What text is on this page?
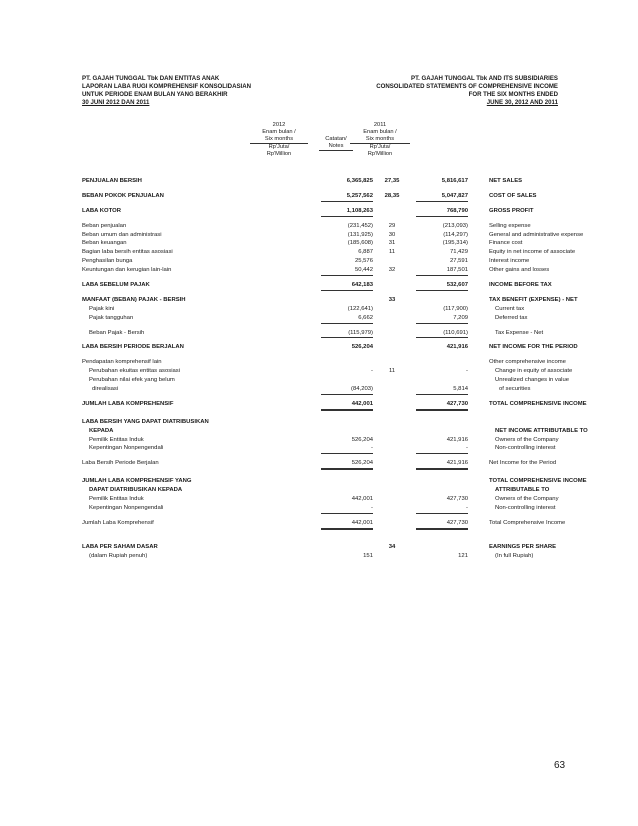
PT. GAJAH TUNGGAL Tbk DAN ENTITAS ANAK
LAPORAN LABA RUGI KOMPREHENSIF KONSOLIDASIAN
UNTUK PERIODE ENAM BULAN YANG BERAKHIR
30 JUNI 2012 DAN 2011
PT. GAJAH TUNGGAL Tbk AND ITS SUBSIDIARIES
CONSOLIDATED STATEMENTS OF COMPREHENSIVE INCOME
FOR THE SIX MONTHS ENDED
JUNE 30, 2012 AND 2011
2012
Enam bulan /
Six months
Rp'Juta/
Rp'Million
Catatan/
Notes
2011
Enam bulan /
Six months
Rp'Juta/
Rp'Million
PENJUALAN BERSIH	6,365,825	27,35	5,816,617	NET SALES
BEBAN POKOK PENJUALAN	5,257,562	28,35	5,047,827	COST OF SALES
LABA KOTOR	1,108,263	768,790	GROSS PROFIT
Beban penjualan	(231,452)	29	(213,093)	Selling expense
Beban umum dan administrasi	(131,925)	30	(114,297)	General and administrative expense
Beban keuangan	(185,608)	31	(195,314)	Finance cost
Bagian laba bersih entitas asosiasi	6,887	11	71,429	Equity in net income of associate
Penghasilan bunga	25,576	27,591	Interest income
Keuntungan dan kerugian lain-lain	50,442	32	187,501	Other gains and losses
LABA SEBELUM PAJAK	642,183	532,607	INCOME BEFORE TAX
MANFAAT (BEBAN) PAJAK - BERSIH	33	TAX BENEFIT (EXPENSE) - NET
Pajak kini	(122,641)	(117,900)	Current tax
Pajak tangguhan	6,662	7,209	Deferred tax
Beban Pajak - Bersih	(115,979)	(110,691)	Tax Expense - Net
LABA BERSIH PERIODE BERJALAN	526,204	421,916	NET INCOME FOR THE PERIOD
Pendapatan komprehensif lain	Other comprehensive income
Perubahan ekuitas entitas asosiasi	-	11	-	Change in equity of associate
Perubahan nilai efek yang belum	Unrealized changes in value
direalisasi	(84,203)	5,814	of securities
JUMLAH LABA KOMPREHENSIF	442,001	427,730	TOTAL COMPREHENSIVE INCOME
LABA BERSIH YANG DAPAT DIATRIBUSIKAN
KEPADA	NET INCOME ATTRIBUTABLE TO
Pemilik Entitas Induk	526,204	421,916	Owners of the Company
Kepentingan Nonpengendali	-	-	Non-controlling interest
Laba Bersih Periode Berjalan	526,204	421,916	Net Income for the Period
JUMLAH LABA KOMPREHENSIF YANG	TOTAL COMPREHENSIVE INCOME
DAPAT DIATRIBUSIKAN KEPADA	ATTRIBUTABLE TO
Pemilik Entitas Induk	442,001	427,730	Owners of the Company
Kepentingan Nonpengendali	-	-	Non-controlling interest
Jumlah Laba Komprehensif	442,001	427,730	Total Comprehensive Income
LABA PER SAHAM DASAR	34	EARNINGS PER SHARE
(dalam Rupiah penuh)	151	121	(In full Rupiah)
63
